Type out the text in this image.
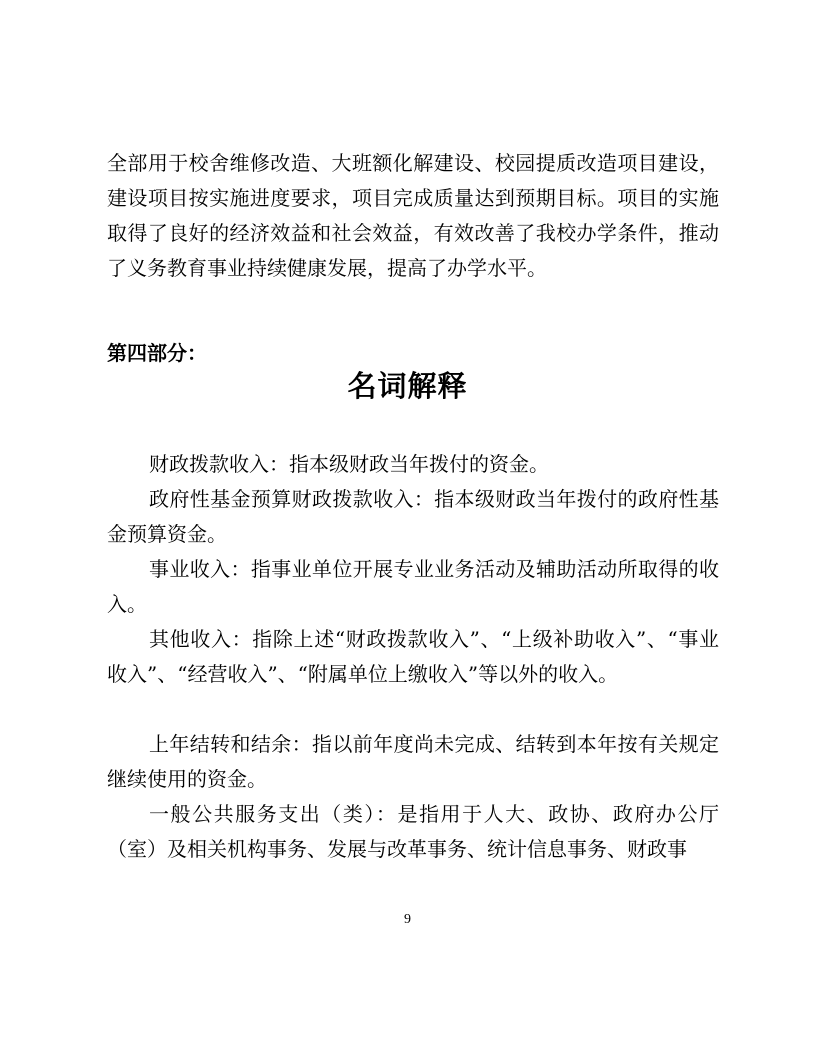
全部用于校舍维修改造、大班额化解建设、校园提质改造项目建设，建设项目按实施进度要求，项目完成质量达到预期目标。项目的实施取得了良好的经济效益和社会效益，有效改善了我校办学条件，推动了义务教育事业持续健康发展，提高了办学水平。

第四部分：

名词解释

财政拨款收入：指本级财政当年拨付的资金。

政府性基金预算财政拨款收入：指本级财政当年拨付的政府性基金预算资金。

事业收入：指事业单位开展专业业务活动及辅助活动所取得的收入。

其他收入：指除上述“财政拨款收入”、“上级补助收入”、“事业收入”、“经营收入”、“附属单位上缴收入”等以外的收入。

上年结转和结余：指以前年度尚未完成、结转到本年按有关规定继续使用的资金。

一般公共服务支出（类）：是指用于人大、政协、政府办公厅（室）及相关机构事务、发展与改革事务、统计信息事务、财政事

9
